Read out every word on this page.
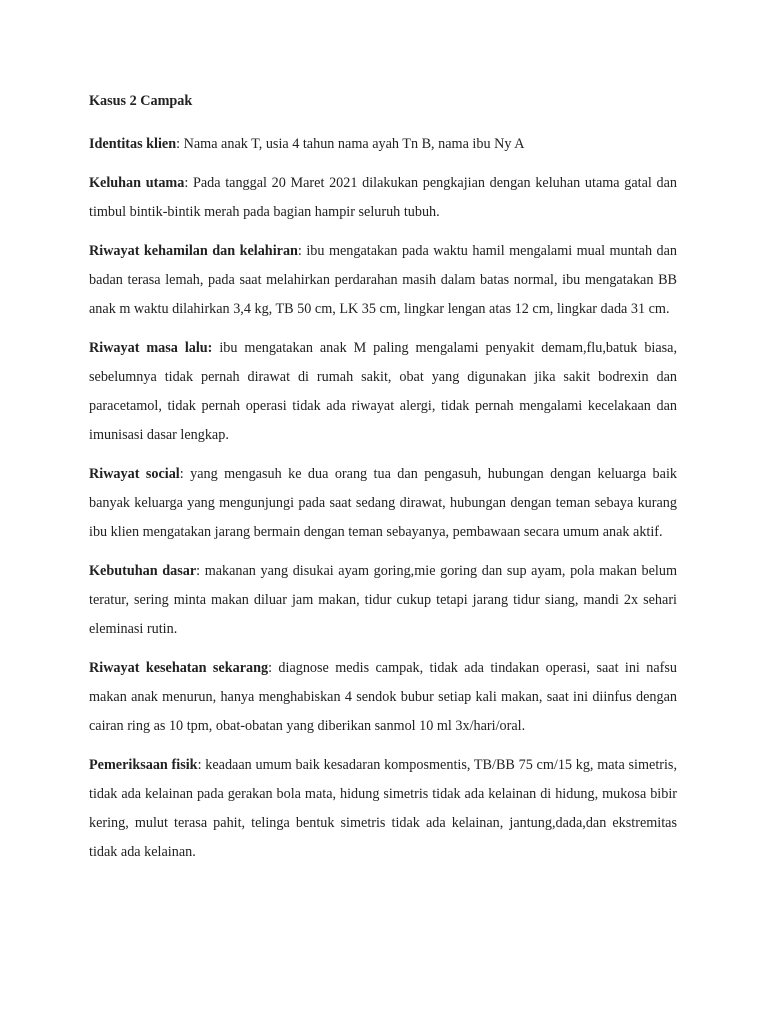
Kasus 2 Campak

Identitas klien: Nama anak T, usia 4 tahun nama ayah Tn B, nama ibu Ny A

Keluhan utama: Pada tanggal 20 Maret 2021 dilakukan pengkajian dengan keluhan utama gatal dan timbul bintik-bintik merah pada bagian hampir seluruh tubuh.

Riwayat kehamilan dan kelahiran: ibu mengatakan pada waktu hamil mengalami mual muntah dan badan terasa lemah, pada saat melahirkan perdarahan masih dalam batas normal, ibu mengatakan BB anak m waktu dilahirkan 3,4 kg, TB 50 cm, LK 35 cm, lingkar lengan atas 12 cm, lingkar dada 31 cm.

Riwayat masa lalu: ibu mengatakan anak M paling mengalami penyakit demam,flu,batuk biasa, sebelumnya tidak pernah dirawat di rumah sakit, obat yang digunakan jika sakit bodrexin dan paracetamol, tidak pernah operasi tidak ada riwayat alergi, tidak pernah mengalami kecelakaan dan imunisasi dasar lengkap.

Riwayat social: yang mengasuh ke dua orang tua dan pengasuh, hubungan dengan keluarga baik banyak keluarga yang mengunjungi pada saat sedang dirawat, hubungan dengan teman sebaya kurang ibu klien mengatakan jarang bermain dengan teman sebayanya, pembawaan secara umum anak aktif.

Kebutuhan dasar: makanan yang disukai ayam goring,mie goring dan sup ayam, pola makan belum teratur, sering minta makan diluar jam makan, tidur cukup tetapi jarang tidur siang, mandi 2x sehari eleminasi rutin.

Riwayat kesehatan sekarang: diagnose medis campak, tidak ada tindakan operasi, saat ini nafsu makan anak menurun, hanya menghabiskan 4 sendok bubur setiap kali makan, saat ini diinfus dengan cairan ring as 10 tpm, obat-obatan yang diberikan sanmol 10 ml 3x/hari/oral.

Pemeriksaan fisik: keadaan umum baik kesadaran komposmentis, TB/BB 75 cm/15 kg, mata simetris, tidak ada kelainan pada gerakan bola mata, hidung simetris tidak ada kelainan di hidung, mukosa bibir kering, mulut terasa pahit, telinga bentuk simetris tidak ada kelainan, jantung,dada,dan ekstremitas tidak ada kelainan.
